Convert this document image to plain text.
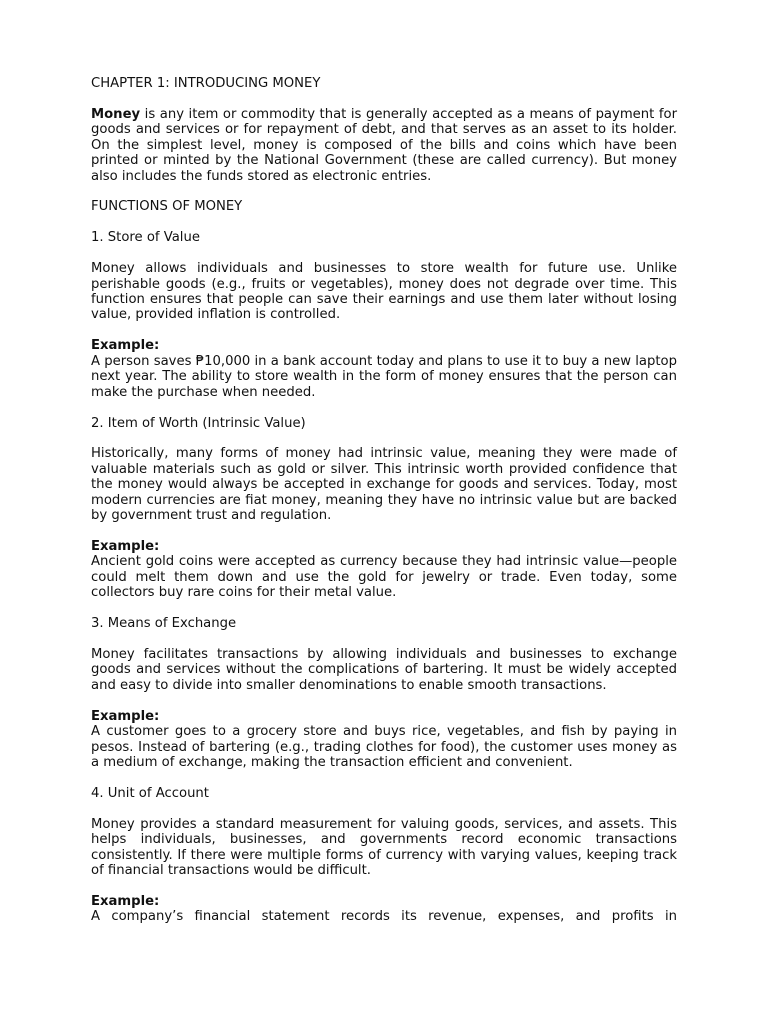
CHAPTER 1: INTRODUCING MONEY

Money is any item or commodity that is generally accepted as a means of payment for goods and services or for repayment of debt, and that serves as an asset to its holder. On the simplest level, money is composed of the bills and coins which have been printed or minted by the National Government (these are called currency). But money also includes the funds stored as electronic entries.

FUNCTIONS OF MONEY

1. Store of Value

Money allows individuals and businesses to store wealth for future use. Unlike perishable goods (e.g., fruits or vegetables), money does not degrade over time. This function ensures that people can save their earnings and use them later without losing value, provided inflation is controlled.

Example:

A person saves ₱10,000 in a bank account today and plans to use it to buy a new laptop next year. The ability to store wealth in the form of money ensures that the person can make the purchase when needed.

2. Item of Worth (Intrinsic Value)

Historically, many forms of money had intrinsic value, meaning they were made of valuable materials such as gold or silver. This intrinsic worth provided confidence that the money would always be accepted in exchange for goods and services. Today, most modern currencies are fiat money, meaning they have no intrinsic value but are backed by government trust and regulation.

Example:

Ancient gold coins were accepted as currency because they had intrinsic value—people could melt them down and use the gold for jewelry or trade. Even today, some collectors buy rare coins for their metal value.

3. Means of Exchange

Money facilitates transactions by allowing individuals and businesses to exchange goods and services without the complications of bartering. It must be widely accepted and easy to divide into smaller denominations to enable smooth transactions.

Example:

A customer goes to a grocery store and buys rice, vegetables, and fish by paying in pesos. Instead of bartering (e.g., trading clothes for food), the customer uses money as a medium of exchange, making the transaction efficient and convenient.

4. Unit of Account

Money provides a standard measurement for valuing goods, services, and assets. This helps individuals, businesses, and governments record economic transactions consistently. If there were multiple forms of currency with varying values, keeping track of financial transactions would be difficult.

Example:

A company’s financial statement records its revenue, expenses, and profits in
